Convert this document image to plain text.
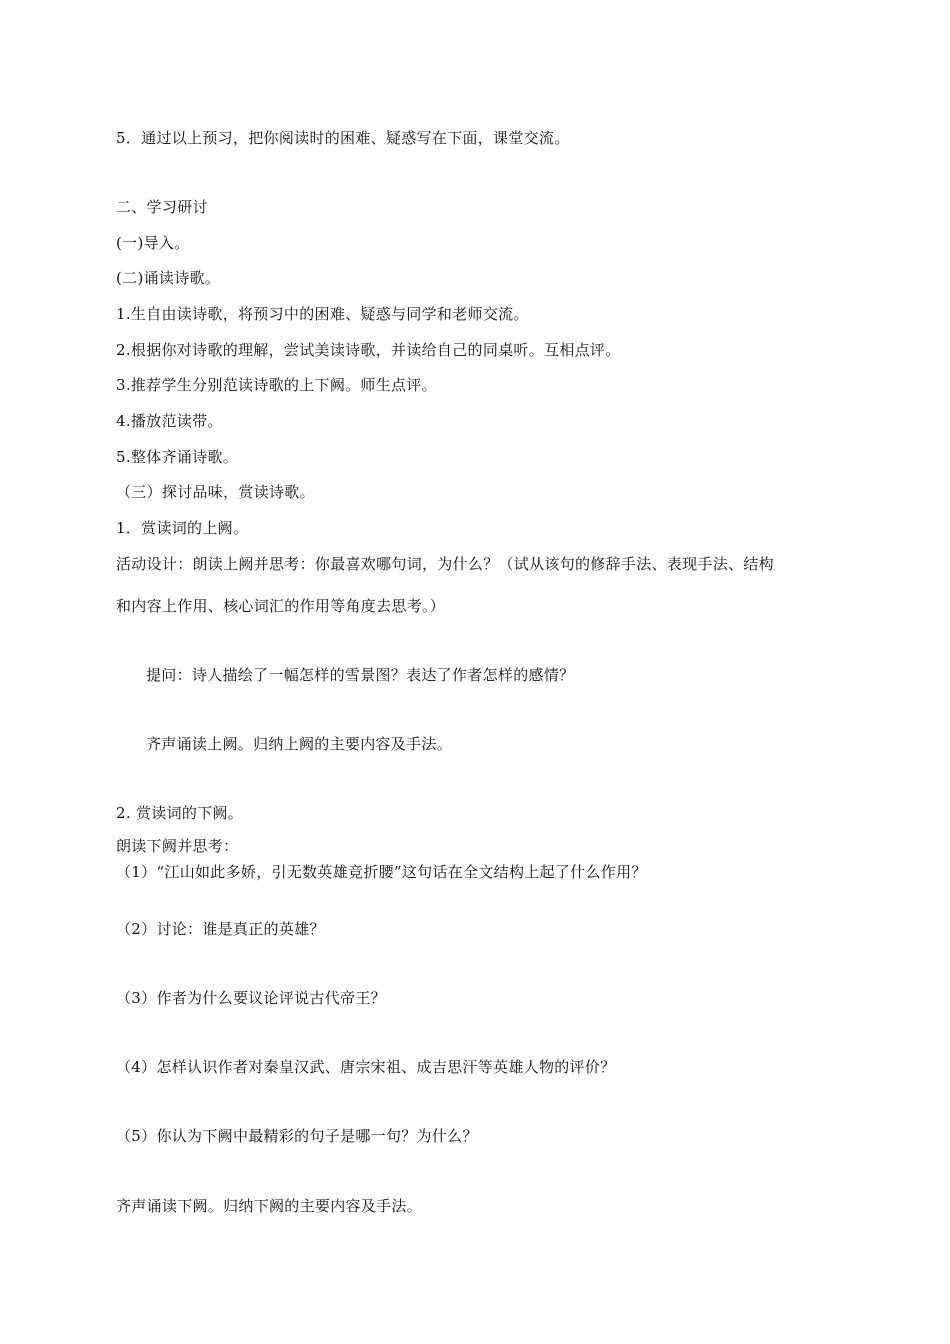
5．通过以上预习，把你阅读时的困难、疑惑写在下面，课堂交流。
二、学习研讨
(一)导入。
(二)诵读诗歌。
1.生自由读诗歌，将预习中的困难、疑惑与同学和老师交流。
2.根据你对诗歌的理解，尝试美读诗歌，并读给自己的同桌听。互相点评。
3.推荐学生分别范读诗歌的上下阙。师生点评。
4.播放范读带。
5.整体齐诵诗歌。
（三）探讨品味，赏读诗歌。
1．赏读词的上阙。
活动设计：朗读上阙并思考：你最喜欢哪句词，为什么？（试从该句的修辞手法、表现手法、结构
和内容上作用、核心词汇的作用等角度去思考。）
提问：诗人描绘了一幅怎样的雪景图？表达了作者怎样的感情？
齐声诵读上阙。归纳上阙的主要内容及手法。
2. 赏读词的下阙。
朗读下阙并思考：
（1）“江山如此多娇，引无数英雄竞折腰”这句话在全文结构上起了什么作用？
（2）讨论：谁是真正的英雄？
（3）作者为什么要议论评说古代帝王？
（4）怎样认识作者对秦皇汉武、唐宗宋祖、成吉思汗等英雄人物的评价？
（5）你认为下阙中最精彩的句子是哪一句？为什么？
齐声诵读下阙。归纳下阙的主要内容及手法。
